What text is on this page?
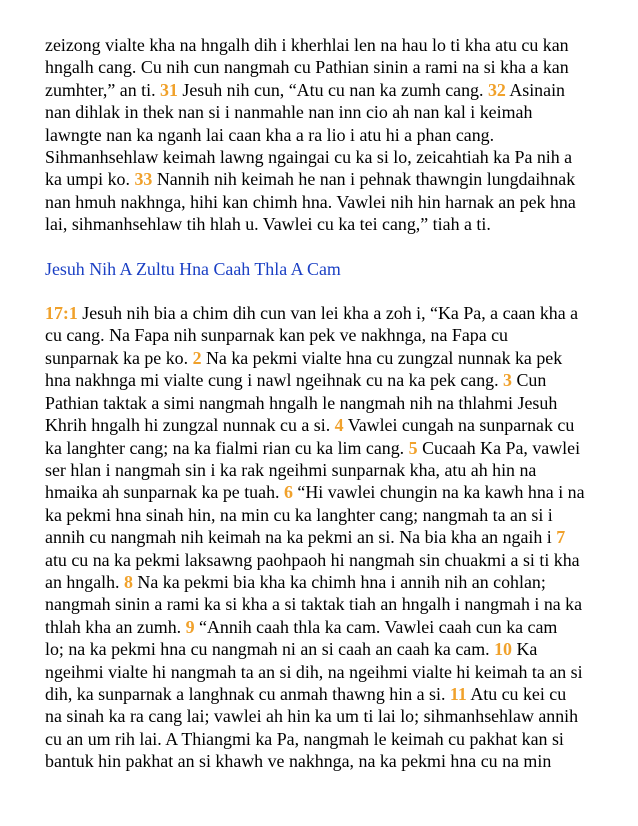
zeizong vialte kha na hngalh dih i kherhlai len na hau lo ti kha atu cu kan
hngalh cang. Cu nih cun nangmah cu Pathian sinin a rami na si kha a kan
zumhter,” an ti. 31 Jesuh nih cun, “Atu cu nan ka zumh cang. 32 Asinain
nan dihlak in thek nan si i nanmahle nan inn cio ah nan kal i keimah
lawngte nan ka nganh lai caan kha a ra lio i atu hi a phan cang.
Sihmanhsehlaw keimah lawng ngaingai cu ka si lo, zeicahtiah ka Pa nih a
ka umpi ko. 33 Nannih nih keimah he nan i pehnak thawngin lungdaihnak
nan hmuh nakhnga, hihi kan chimh hna. Vawlei nih hin harnak an pek hna
lai, sihmanhsehlaw tih hlah u. Vawlei cu ka tei cang,” tiah a ti.
Jesuh Nih A Zultu Hna Caah Thla A Cam
17:1 Jesuh nih bia a chim dih cun van lei kha a zoh i, “Ka Pa, a caan kha a
cu cang. Na Fapa nih sunparnak kan pek ve nakhnga, na Fapa cu
sunparnak ka pe ko. 2 Na ka pekmi vialte hna cu zungzal nunnak ka pek
hna nakhnga mi vialte cung i nawl ngeihnak cu na ka pek cang. 3 Cun
Pathian taktak a simi nangmah hngalh le nangmah nih na thlahmi Jesuh
Khrih hngalh hi zungzal nunnak cu a si. 4 Vawlei cungah na sunparnak cu
ka langhter cang; na ka fialmi rian cu ka lim cang. 5 Cucaah Ka Pa, vawlei
ser hlan i nangmah sin i ka rak ngeihmi sunparnak kha, atu ah hin na
hmaika ah sunparnak ka pe tuah. 6 “Hi vawlei chungin na ka kawh hna i na
ka pekmi hna sinah hin, na min cu ka langhter cang; nangmah ta an si i
annih cu nangmah nih keimah na ka pekmi an si. Na bia kha an ngaih i 7
atu cu na ka pekmi laksawng paohpaoh hi nangmah sin chuakmi a si ti kha
an hngalh. 8 Na ka pekmi bia kha ka chimh hna i annih nih an cohlan;
nangmah sinin a rami ka si kha a si taktak tiah an hngalh i nangmah i na ka
thlah kha an zumh. 9 “Annih caah thla ka cam. Vawlei caah cun ka cam
lo; na ka pekmi hna cu nangmah ni an si caah an caah ka cam. 10 Ka
ngeihmi vialte hi nangmah ta an si dih, na ngeihmi vialte hi keimah ta an si
dih, ka sunparnak a langhnak cu anmah thawng hin a si. 11 Atu cu kei cu
na sinah ka ra cang lai; vawlei ah hin ka um ti lai lo; sihmanhsehlaw annih
cu an um rih lai. A Thiangmi ka Pa, nangmah le keimah cu pakhat kan si
bantuk hin pakhat an si khawh ve nakhnga, na ka pekmi hna cu na min
